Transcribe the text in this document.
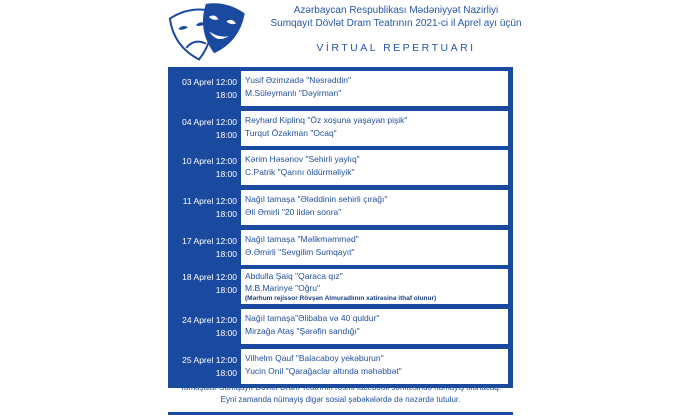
Azərbaycan Respublikası Mədəniyyət Nazirliyi
Sumqayıt Dövlət Dram Teatrının 2021-ci il Aprel ayı üçün
VİRTUAL REPERTUARI
03 Aprel 12:00
18:00
Yusif Əzimzadə "Nəsrəddin"
M.Süleymanlı "Dəyirman"
04 Aprel 12:00
18:00
Reyhard Kiplinq "Öz xoşuna yaşayan pişik"
Turqut Özakman "Ocaq"
10 Aprel 12:00
18:00
Kərim Həsənov "Sehirli yaylıq"
C.Patrik "Qarını öldürməliyik"
11 Aprel 12:00
18:00
Nağıl tamaşa "Ələddinin sehirli çırağı"
Əli Əmirli "20 ildən sonra"
17 Aprel 12:00
18:00
Nağıl tamaşa "Məlikməmməd"
Ə.Əmirli "Sevgilim Sumqayıt"
18 Aprel 12:00
18:00
Abdulla Şaiq "Qaraca qız"
M.B.Marinye "Oğru"
(Mərhum rejissor Rövşən Almuradlının xatirəsinə ithaf olunur)
24 Aprel 12:00
18:00
Nağıl tamaşa"Əlibaba və 40 quldur"
Mirzağa Ataş "Şərəfin sandığı"
25 Aprel 12:00
18:00
Vilhelm Qauf "Balacaboy yekəburun"
Yucin Onil "Qarağaclar altında məhəbbət"
Tamaşalar Sumqayıt Dövlət Dram Teatrının rəsmi facebook səhifəsində nümayiş olunacaq.
Eyni zamanda nümayiş digər sosial şəbəkələrdə də nəzərdə tutulur.
